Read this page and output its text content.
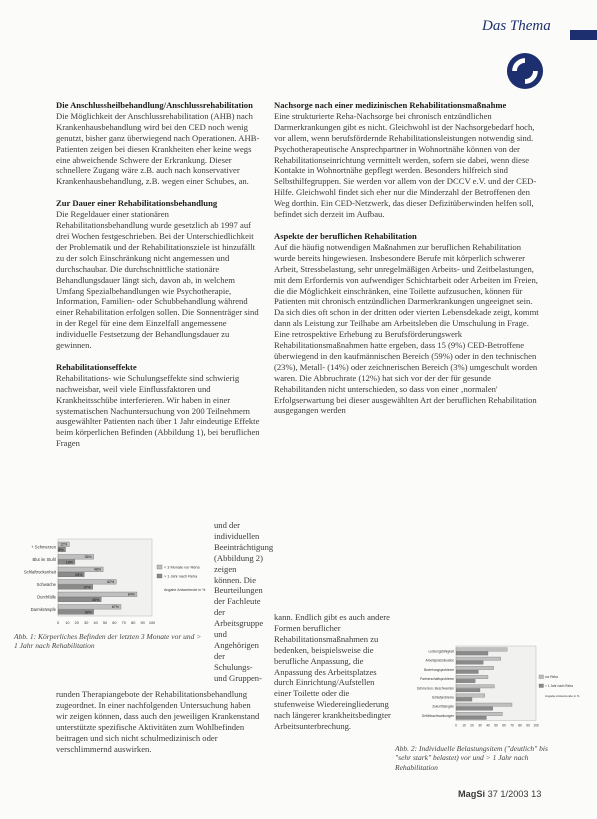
Das Thema
Die Anschlussheilbehandlung/Anschlussrehabilitation
Die Möglichkeit der Anschlussrehabilitation (AHB) nach Krankenhausbehandlung wird bei den CED noch wenig genutzt, bisher ganz überwiegend nach Operationen. AHB-Patienten zeigen bei diesen Krankheiten eher keine wegs eine abweichende Schwere der Erkrankung. Dieser schnellere Zugang wäre z.B. auch nach konservativer Krankenhausbehandlung, z.B. wegen einer Schubes, an.
Zur Dauer einer Rehabilitationsbehandlung
Die Regeldauer einer stationären Rehabilitationsbehandlung wurde gesetzlich ab 1997 auf drei Wochen festgeschrieben. Bei der Unterschiedlichkeit der Problematik und der Rehabilitationsziele ist hinzufällt zu der solch Einschränkung nicht angemessen und durchschaubar. Die durchschnittliche stationäre Behandlungsdauer längt sich, davon ab, in welchem Umfang Spezialbehandlungen wie Psychotherapie, Information, Familien- oder Schubbehandlung während einer Rehabilitation erfolgen sollen. Die Sonnenträger sind in der Regel für eine dem Einzelfall angemessene individuelle Festsetzung der Behandlungsdauer zu gewinnen.
Rehabilitationseffekte
Rehabilitations- wie Schulungseffekte sind schwierig nachweisbar, weil viele Einflussfaktoren und Krankheitsschübe interferieren. Wir haben in einer systematischen Nachuntersuchung von 200 Teilnehmern ausgewählter Patienten nach über 1 Jahr eindeutige Effekte beim körperlichen Befinden (Abbildung 1), bei beruflichen Fragen
und der individuellen Beeinträchtigung (Abbildung 2) zeigen können. Die Beurteilungen der Fachleute der Arbeitsgruppe und Angehörigen der Schulungs- und Gruppen-
+ Schmerzen 12%
8%
Blut im Stuhl	38%
18%
Schlaftrockenheit	48%
28%
Schwäche	62%
37%
Durchfälle	84%
46%
Darmkrämpfe	67%
38%
0 10 20 30 40 50 60 70 80 90 100
< 3 Monate vor Reha
> 1 Jahr nach Reha
Angabe Antwortende in %
Abb. 1: Körperliches Befinden der letzten 3 Monate vor und > 1 Jahr nach Rehabilitation
runden Therapiangebote der Rehabilitationsbehandlung zugeordnet. In einer nachfolgenden Untersuchung haben wir zeigen können, dass auch den jeweiligen Krankenstand unterstützte spezifische Aktivitäten zum Wohlbefinden beitragen und sich nicht schulmedizinisch oder verschlimmernd auswirken.
Nachsorge nach einer medizinischen Rehabilitationsmaßnahme
Eine strukturierte Reha-Nachsorge bei chronisch entzündlichen Darmerkrankungen gibt es nicht. Gleichwohl ist der Nachsorgebedarf hoch, vor allem, wenn berufsfördernde Rehabilitationsleistungen notwendig sind. Psychotherapeutische Ansprechpartner in Wohnortnähe können von der Rehabilitationseinrichtung vermittelt werden, sofern sie dabei, wenn diese Kontakte in Wohnortnähe gepflegt werden. Besonders hilfreich sind Selbsthilfegruppen. Sie werden vor allem von der DCCV e.V. und der CED-Hilfe. Gleichwohl findet sich eher nur die Minderzahl der Betroffenen den Weg dorthin. Ein CED-Netzwerk, das dieser Defizitüberwinden helfen soll, befindet sich derzeit im Aufbau.
Aspekte der beruflichen Rehabilitation
Auf die häufig notwendigen Maßnahmen zur beruflichen Rehabilitation wurde bereits hingewiesen. Insbesondere Berufe mit körperlich schwerer Arbeit, Stressbelastung, sehr unregelmäßigen Arbeits- und Zeitbelastungen, mit dem Erfordernis von aufwendiger Schichtarbeit oder Arbeiten im Freien, die die Möglichkeit einschränken, eine Toilette aufzusuchen, können für Patienten mit chronisch entzündlichen Darmerkrankungen ungeeignet sein. Da sich dies oft schon in der dritten oder vierten Lebensdekade zeigt, kommt dann als Leistung zur Teilhabe am Arbeitsleben die Umschulung in Frage. Eine retrospektive Erhebung zu Berufsförderungswerk Rehabilitationsmaßnahmen hatte ergeben, dass 15 (9%) CED-Betroffene überwiegend in den kaufmännischen Bereich (59%) oder in den technischen (23%), Metall- (14%) oder zeichnerischen Bereich (3%) umgeschult worden waren. Die Abbruchrate (12%) hat sich vor der der für gesunde Rehabilitanden nicht unterschieden, so dass von einer ‚normalen' Erfolgserwartung bei dieser ausgewählten Art der beruflichen Rehabilitation ausgegangen werden
kann. Endlich gibt es auch andere Formen beruflicher Rehabilitationsmaßnahmen zu bedenken, beispielsweise die berufliche Anpassung, die Anpassung des Arbeitsplatzes durch Einrichtung/Aufstellen einer Toilette oder die stufenweise Wiedereingliederung nach längerer krankheitsbedingter Arbeitsunterbrechung.
Leistungsfähigkeit
Arbeitsplatzsituation
Beziehungsprobleme
Partnerschaftsprobleme
Schmerzen, Beschwerden
Schlafprobleme
Zukunftsängste
Gefühlsschwankungen
0 10 20 30 40 50 60 70 80 90 100
vor Reha
> 1 Jahr nach Reha
Angabe Antwortende in %
Abb. 2: Individuelle Belastungsitem ("deutlich" bis "sehr stark" belastet) vor und > 1 Jahr nach Rehabilitation
MagSi 37 1/2003 13
